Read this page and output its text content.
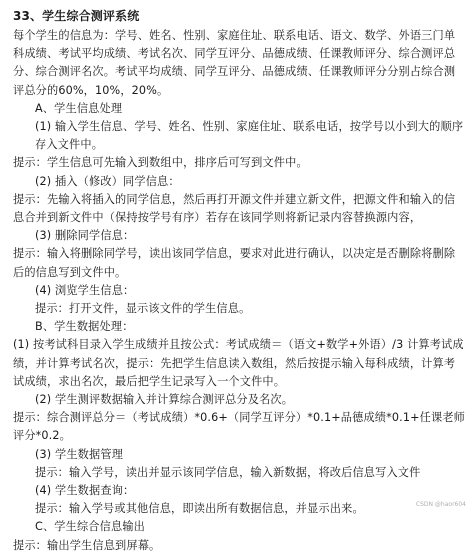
33、学生综合测评系统
每个学生的信息为：学号、姓名、性别、家庭住址、联系电话、语文、数学、外语三门单科成绩、考试平均成绩、考试名次、同学互评分、品德成绩、任课教师评分、综合测评总分、综合测评名次。考试平均成绩、同学互评分、品德成绩、任课教师评分分别占综合测评总分的60%，10%，20%。
A、学生信息处理
(1) 输入学生信息、学号、姓名、性别、家庭住址、联系电话，按学号以小到大的顺序存入文件中。
提示：学生信息可先输入到数组中，排序后可写到文件中。
(2) 插入（修改）同学信息：
提示：先输入将插入的同学信息，然后再打开源文件并建立新文件，把源文件和输入的信息合并到新文件中（保持按学号有序）若存在该同学则将新记录内容替换源内容，
(3) 删除同学信息：
提示：输入将删除同学号，读出该同学信息，要求对此进行确认，以决定是否删除将删除后的信息写到文件中。
(4) 浏览学生信息：
提示：打开文件，显示该文件的学生信息。
B、学生数据处理：
(1) 按考试科目录入学生成绩并且按公式：考试成绩＝（语文+数学+外语）/3 计算考试成绩，并计算考试名次，提示：先把学生信息读入数组，然后按提示输入每科成绩，计算考试成绩，求出名次，最后把学生记录写入一个文件中。
(2) 学生测评数据输入并计算综合测评总分及名次。
提示：综合测评总分＝（考试成绩）*0.6+（同学互评分）*0.1+品德成绩*0.1+任课老师评分*0.2。
(3) 学生数据管理
提示：输入学号，读出并显示该同学信息，输入新数据，将改后信息写入文件
(4) 学生数据查询：
提示：输入学号或其他信息，即读出所有数据信息，并显示出来。
C、学生综合信息输出
提示：输出学生信息到屏幕。
CSDN @haor604
